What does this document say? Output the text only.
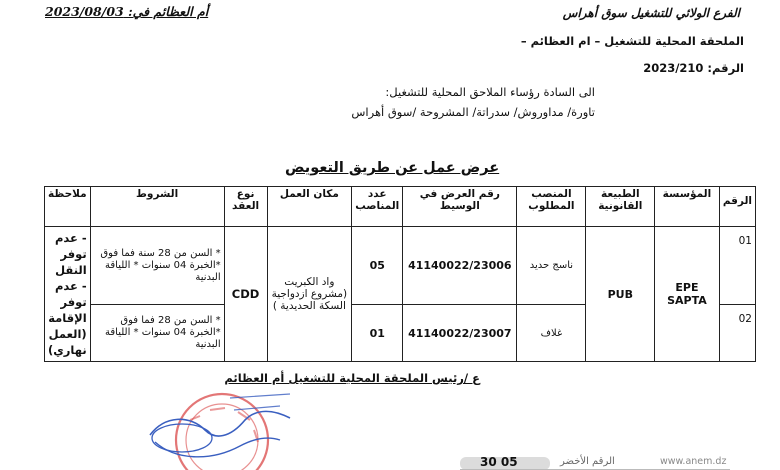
الفرع الولائي للتشغيل سوق أهراس
أم العظائم في: 2023/08/03
الملحقة المحلية للتشغيل – ام العظائم –
الرقم: 2023/210
الى السادة رؤساء الملاحق المحلية للتشغيل:
تاورة/ مداوروش/ سدراتة/ المشروحة /سوق أهراس
عرض عمل عن طريق التعويض
الرقم	المؤسسة	الطبيعة القانونية	المنصب المطلوب	رقم العرض في الوسيط	عدد المناصب	مكان العمل	نوع العقد	الشروط	ملاحظة
01	EPE SAPTA	PUB	ناسج حديد	41140022/23006	05	واد الكبريت (مشروع ازدواجية السكة الحديدية )	CDD	* السن من 28 سنة فما فوق *الخبرة 04 سنوات * اللياقة البدنية	- عدم توفر النقل - عدم توفر الإقامة (العمل نهاري)
02			غلاف	41140022/23007	01			* السن من 28 فما فوق *الخبرة 04 سنوات * اللياقة البدنية	
ع /رئيس الملحقة المحلية للتشغيل أم العظائم
30 05	الرقم الأخضر	www.anem.dz
